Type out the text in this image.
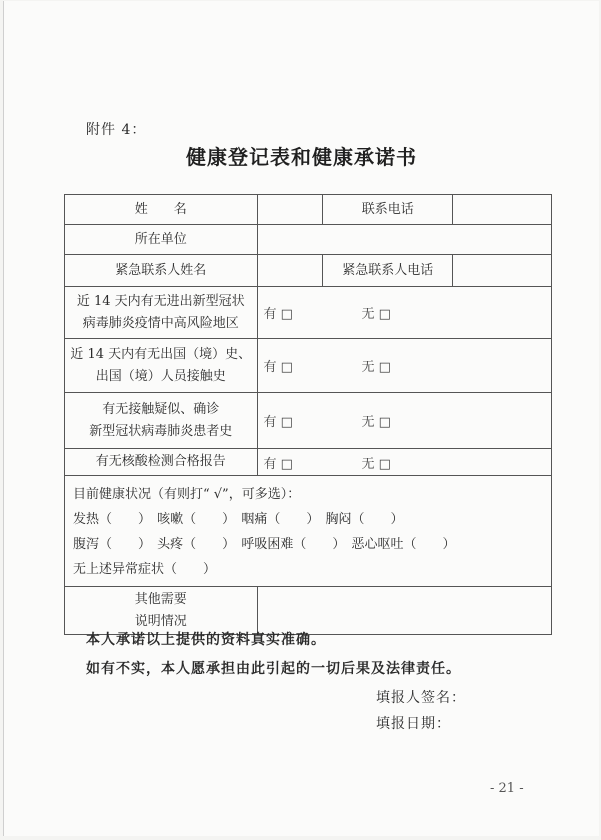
附件 4：
健康登记表和健康承诺书
姓　　名		联系电话	
所在单位			
紧急联系人姓名		紧急联系人电话	

近 14 天内有无进出新型冠状
病毒肺炎疫情中高风险地区	有 □ 无 □		

近 14 天内有无出国（境）史、
出国（境）人员接触史	有 □ 无 □		

有无接触疑似、确诊
新型冠状病毒肺炎患者史	有 □ 无 □		
有无核酸检测合格报告	有 □ 无 □		

目前健康状况（有则打“ √”，可多选）：
发热（　　） 咳嗽（　　） 咽痛（　　） 胸闷（　　）
腹泻（　　） 头疼（　　） 呼吸困难（　　） 恶心呕吐（　　）
无上述异常症状（　　）			

其他需要
说明情况			

本人承诺以上提供的资料真实准确。
如有不实，本人愿承担由此引起的一切后果及法律责任。
填报人签名：
填报日期：
- 21 -
